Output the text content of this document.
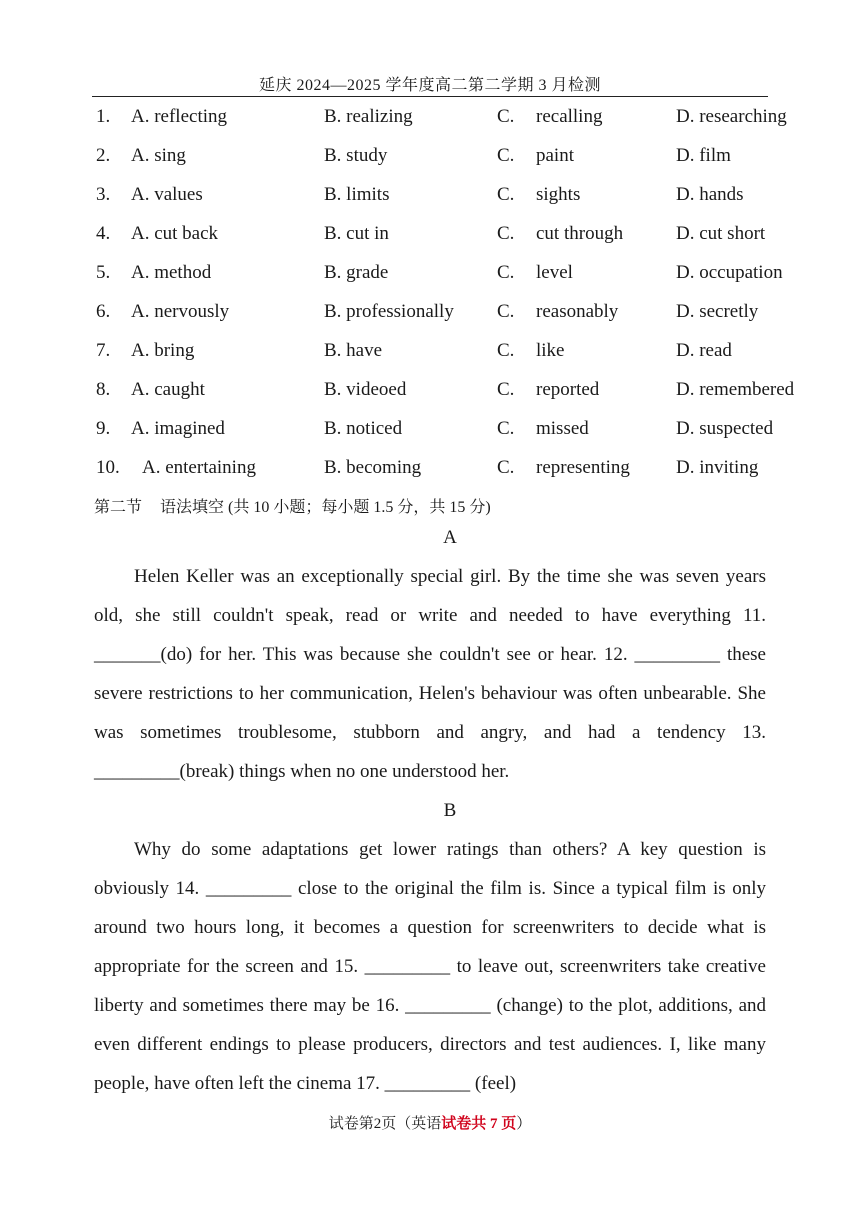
延庆 2024—2025 学年度高二第二学期 3 月检测
1. A. reflecting	B. realizing	C. recalling	D. researching
2. A. sing	B. study	C. paint	D. film
3. A. values	B. limits	C. sights	D. hands
4. A. cut back	B. cut in	C. cut through	D. cut short
5. A. method	B. grade	C. level	D. occupation
6. A. nervously	B. professionally C. reasonably	D. secretly
7. A. bring	B. have	C. like	D. read
8. A. caught	B. videoed	C. reported	D. remembered
9. A. imagined	B. noticed	C. missed	D. suspected
10. A. entertaining	B. becoming	C. representing D. inviting
第二节 语法填空 (共 10 小题；每小题 1.5 分，共 15 分)
A
Helen Keller was an exceptionally special girl. By the time she was seven years old, she still couldn't speak, read or write and needed to have everything 11. _______(do) for her. This was because she couldn't see or hear. 12. _________ these severe restrictions to her communication, Helen's behaviour was often unbearable. She was sometimes troublesome, stubborn and angry, and had a tendency 13. _________(break) things when no one understood her.
B
Why do some adaptations get lower ratings than others? A key question is obviously 14. _________ close to the original the film is. Since a typical film is only around two hours long, it becomes a question for screenwriters to decide what is appropriate for the screen and 15. _________ to leave out, screenwriters take creative liberty and sometimes there may be 16. _________ (change) to the plot, additions, and even different endings to please producers, directors and test audiences. I, like many people, have often left the cinema 17. _________ (feel)
试卷第2页（英语试卷共 7 页）
